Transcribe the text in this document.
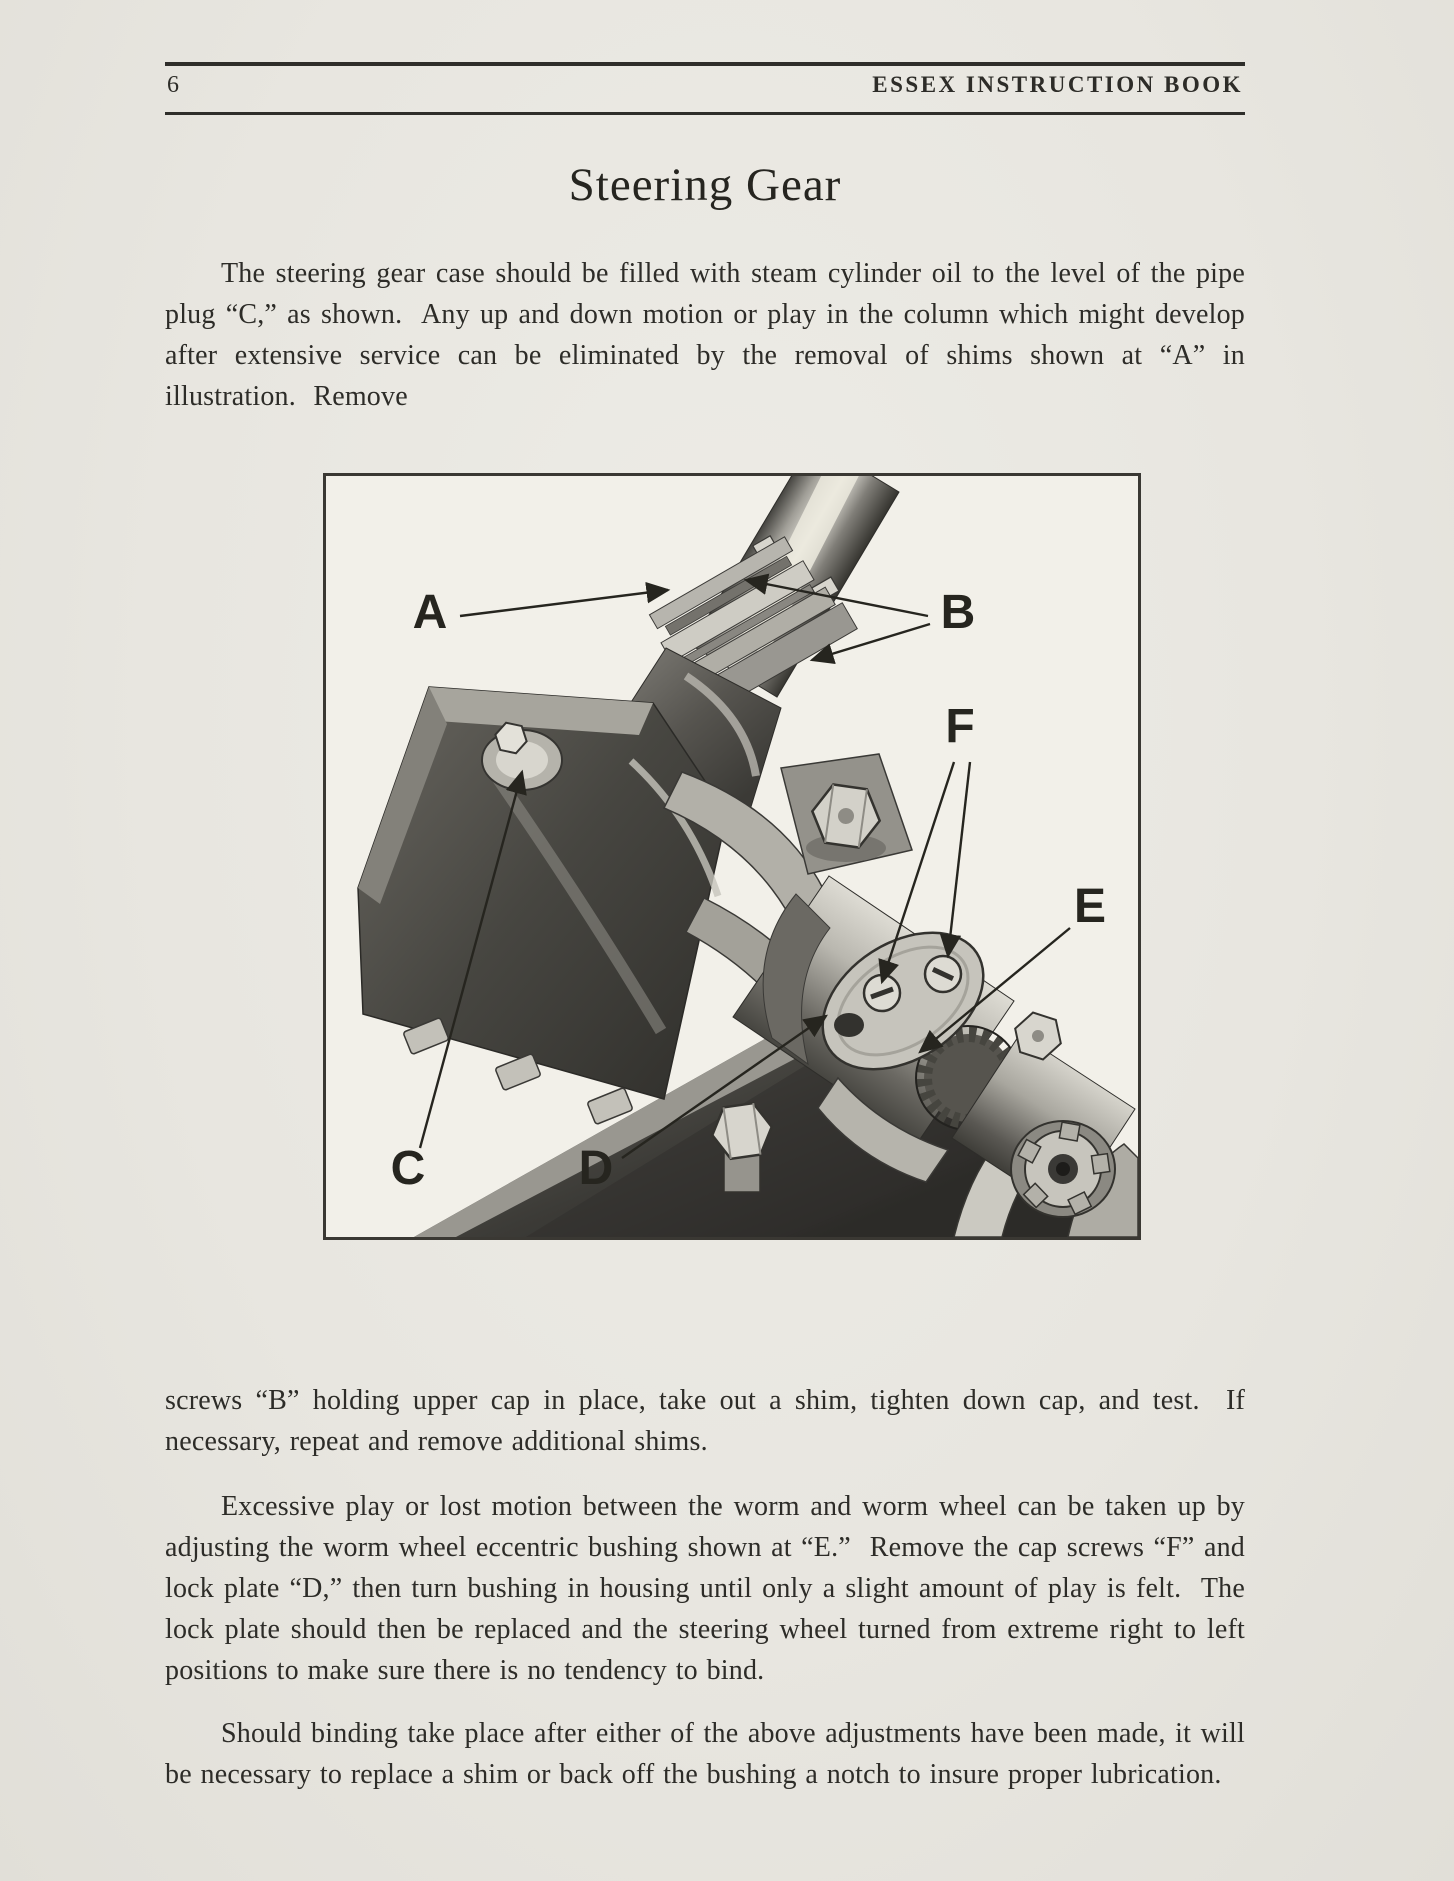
6	ESSEX INSTRUCTION BOOK
Steering Gear

The steering gear case should be filled with steam cylinder oil to the level of the pipe plug “C,” as shown.  Any up and down motion or play in the column which might develop after extensive service can be eliminated by the removal of shims shown at “A” in illustration.  Remove

A	B
F
E
C	D

screws “B” holding upper cap in place, take out a shim, tighten down cap, and test.  If necessary, repeat and remove additional shims.

Excessive play or lost motion between the worm and worm wheel can be taken up by adjusting the worm wheel eccentric bushing shown at “E.”  Remove the cap screws “F” and lock plate “D,” then turn bushing in housing until only a slight amount of play is felt.  The lock plate should then be replaced and the steering wheel turned from extreme right to left positions to make sure there is no tendency to bind.

Should binding take place after either of the above adjustments have been made, it will be necessary to replace a shim or back off the bushing a notch to insure proper lubrication.
